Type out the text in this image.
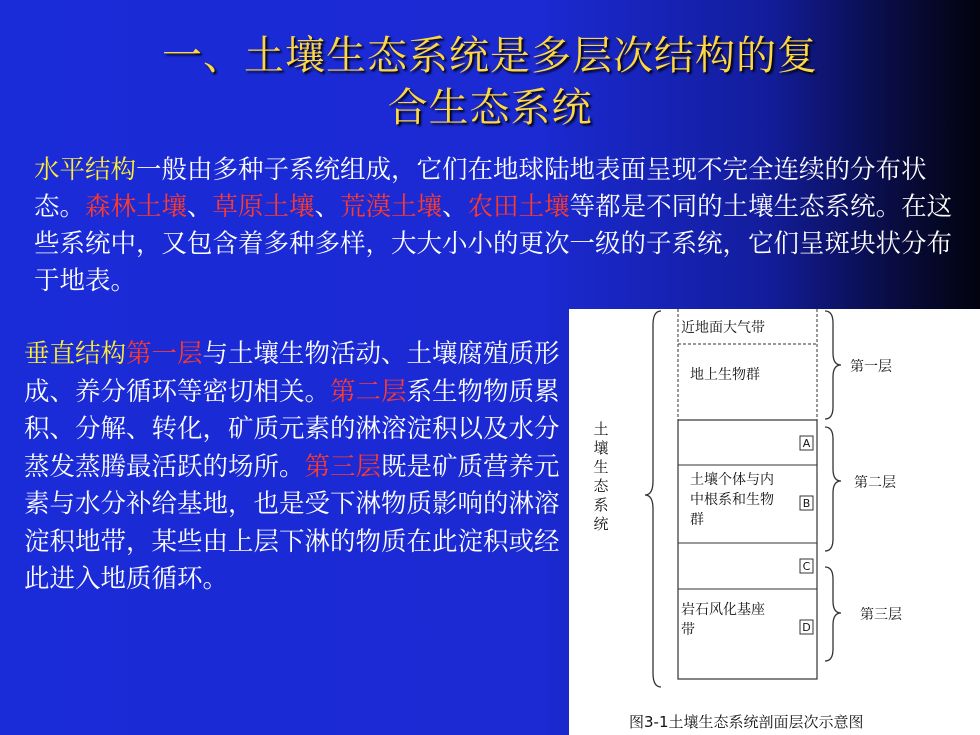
一、土壤生态系统是多层次结构的复
合生态系统
水平结构一般由多种子系统组成，它们在地球陆地表面呈现不完全连续的分布状态。森林土壤、草原土壤、荒漠土壤、农田土壤等都是不同的土壤生态系统。在这些系统中，又包含着多种多样，大大小小的更次一级的子系统，它们呈斑块状分布于地表。
垂直结构第一层与土壤生物活动、土壤腐殖质形成、养分循环等密切相关。第二层系生物物质累积、分解、转化，矿质元素的淋溶淀积以及水分蒸发蒸腾最活跃的场所。第三层既是矿质营养元素与水分补给基地，也是受下淋物质影响的淋溶淀积地带，某些由上层下淋的物质在此淀积或经此进入地质循环。
土
壤
生
态
系
统
近地面大气带
地上生物群
土壤个体与内
中根系和生物
群
岩石风化基座
带
A
B
C
D
第一层
第二层
第三层
图3-1土壤生态系统剖面层次示意图
